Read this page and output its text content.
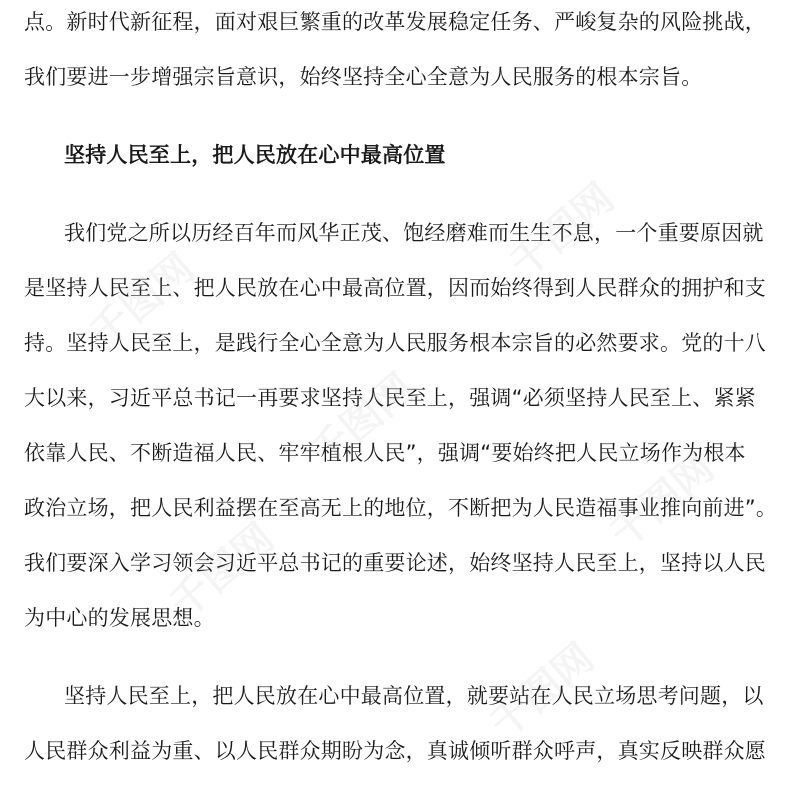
点。新时代新征程，面对艰巨繁重的改革发展稳定任务、严峻复杂的风险挑战，
我们要进一步增强宗旨意识，始终坚持全心全意为人民服务的根本宗旨。
坚持人民至上，把人民放在心中最高位置
我们党之所以历经百年而风华正茂、饱经磨难而生生不息，一个重要原因就
是坚持人民至上、把人民放在心中最高位置，因而始终得到人民群众的拥护和支
持。坚持人民至上，是践行全心全意为人民服务根本宗旨的必然要求。党的十八
大以来，习近平总书记一再要求坚持人民至上，强调“必须坚持人民至上、紧紧
依靠人民、不断造福人民、牢牢植根人民”，强调“要始终把人民立场作为根本
政治立场，把人民利益摆在至高无上的地位，不断把为人民造福事业推向前进”。
我们要深入学习领会习近平总书记的重要论述，始终坚持人民至上，坚持以人民
为中心的发展思想。
坚持人民至上，把人民放在心中最高位置，就要站在人民立场思考问题，以
人民群众利益为重、以人民群众期盼为念，真诚倾听群众呼声，真实反映群众愿
千图网
千图网
千图网
千图网
千图网
千图网
